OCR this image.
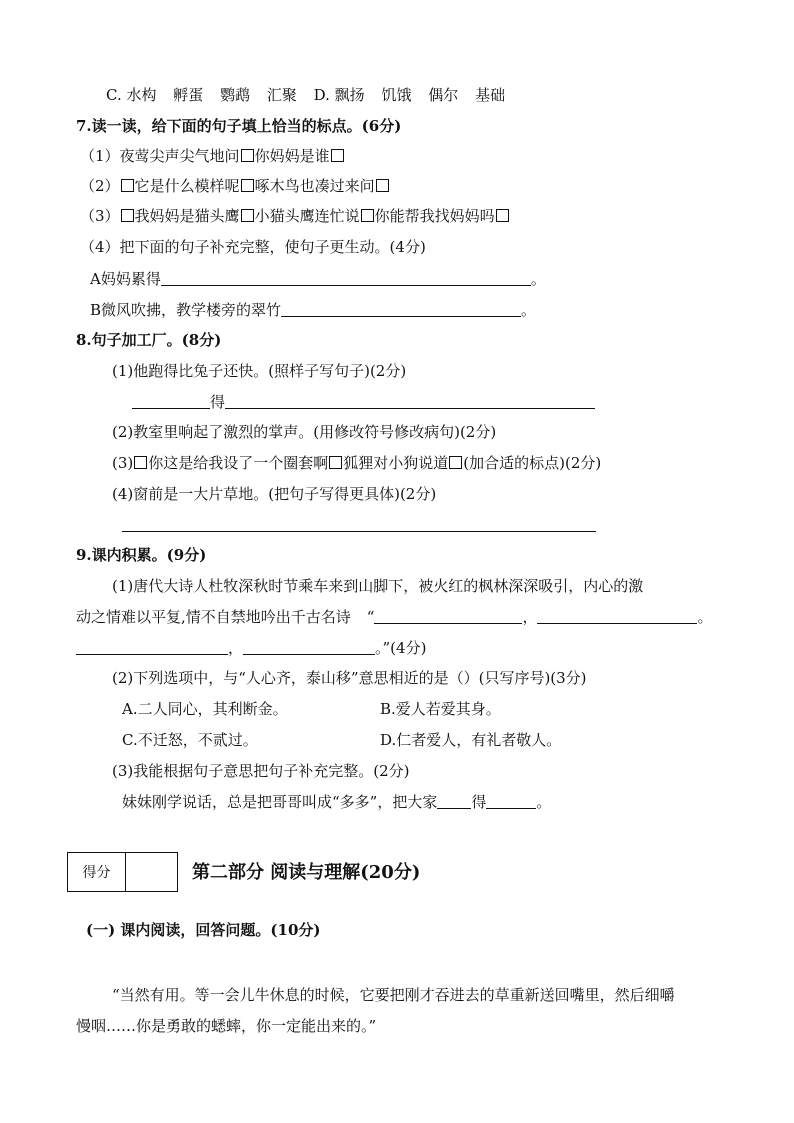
C. 水构 孵蛋 鹦鹉 汇聚 D. 飘扬 饥饿 偶尔 基础
7.读一读，给下面的句子填上恰当的标点。(6分)
（1）夜莺尖声尖气地问 你妈妈是谁
（2） 它是什么模样呢 啄木鸟也凑过来问
（3） 我妈妈是猫头鹰 小猫头鹰连忙说 你能帮我找妈妈吗
（4）把下面的句子补充完整，使句子更生动。(4分)
A妈妈累得	。
B微风吹拂，教学楼旁的翠竹	。
8.句子加工厂。(8分)
(1)他跑得比兔子还快。(照样子写句子)(2分)
得
(2)教室里响起了激烈的掌声。(用修改符号修改病句)(2分)
(3) 你这是给我设了一个圈套啊 狐狸对小狗说道 (加合适的标点)(2分)
(4)窗前是一大片草地。(把句子写得更具体)(2分)
9.课内积累。(9分)
(1)唐代大诗人杜牧深秋时节乘车来到山脚下，被火红的枫林深深吸引，内心的激
动之情难以平复,情不自禁地吟出千古名诗 “	，	。
，	。”(4分)
(2)下列选项中，与“人心齐，泰山移”意思相近的是（）(只写序号)(3分)
A.二人同心，其利断金。	B.爱人若爱其身。
C.不迁怒，不贰过。	D.仁者爱人，有礼者敬人。
(3)我能根据句子意思把句子补充完整。(2分)
妹妹刚学说话，总是把哥哥叫成“多多”，把大家 得	。
得分	第二部分 阅读与理解(20分)
(一) 课内阅读，回答问题。(10分)
“当然有用。等一会儿牛休息的时候，它要把刚才吞进去的草重新送回嘴里，然后细嚼
慢咽……你是勇敢的蟋蟀，你一定能出来的。”
